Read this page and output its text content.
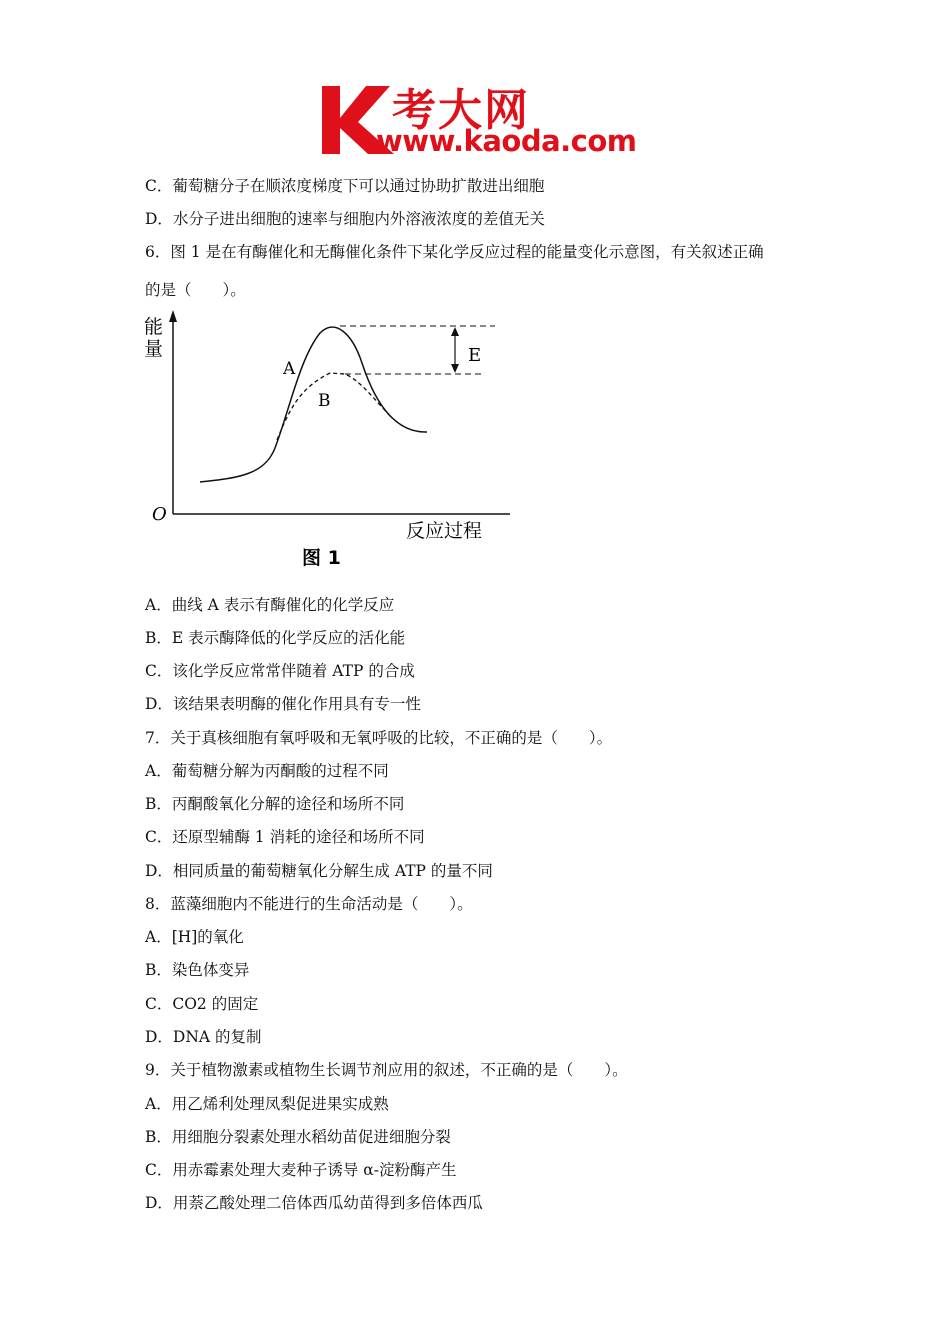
考大网
www.kaoda.com
C．葡萄糖分子在顺浓度梯度下可以通过协助扩散进出细胞
D．水分子进出细胞的速率与细胞内外溶液浓度的差值无关
6．图 1 是在有酶催化和无酶催化条件下某化学反应过程的能量变化示意图，有关叙述正确
的是（　　）。
能
量
O
反应过程
A
B
E
图 1
A．曲线 A 表示有酶催化的化学反应
B．E 表示酶降低的化学反应的活化能
C．该化学反应常常伴随着 ATP 的合成
D．该结果表明酶的催化作用具有专一性
7．关于真核细胞有氧呼吸和无氧呼吸的比较，不正确的是（　　）。
A．葡萄糖分解为丙酮酸的过程不同
B．丙酮酸氧化分解的途径和场所不同
C．还原型辅酶 1 消耗的途径和场所不同
D．相同质量的葡萄糖氧化分解生成 ATP 的量不同
8．蓝藻细胞内不能进行的生命活动是（　　）。
A．[H]的氧化
B．染色体变异
C．CO2 的固定
D．DNA 的复制
9．关于植物激素或植物生长调节剂应用的叙述，不正确的是（　　）。
A．用乙烯利处理凤梨促进果实成熟
B．用细胞分裂素处理水稻幼苗促进细胞分裂
C．用赤霉素处理大麦种子诱导 α-淀粉酶产生
D．用萘乙酸处理二倍体西瓜幼苗得到多倍体西瓜
